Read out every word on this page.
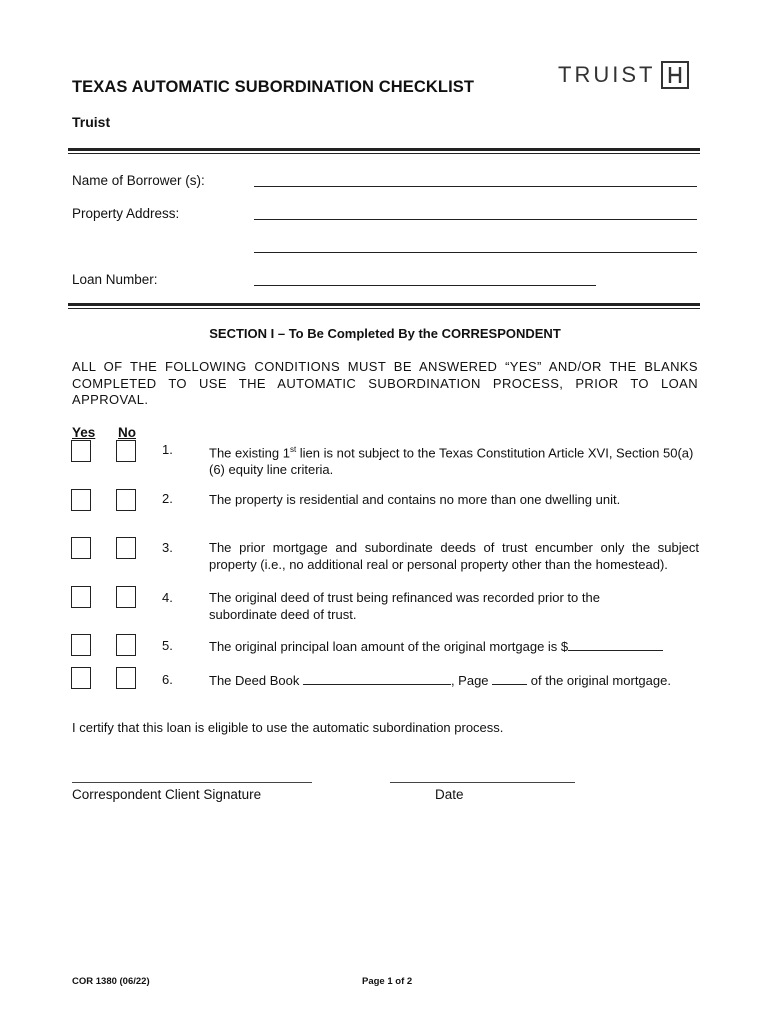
TEXAS AUTOMATIC SUBORDINATION CHECKLIST	TRUIST
Truist
Name of Borrower (s):
Property Address:
Loan Number:
SECTION I – To Be Completed By the CORRESPONDENT
ALL OF THE FOLLOWING CONDITIONS MUST BE ANSWERED “YES” AND/OR THE BLANKS COMPLETED TO USE THE AUTOMATIC SUBORDINATION PROCESS, PRIOR TO LOAN APPROVAL.
Yes No
1.	The existing 1st lien is not subject to the Texas Constitution Article XVI, Section 50(a)(6) equity line criteria.
2.	The property is residential and contains no more than one dwelling unit.
3.	The prior mortgage and subordinate deeds of trust encumber only the subject property (i.e., no additional real or personal property other than the homestead).
4.	The original deed of trust being refinanced was recorded prior to the subordinate deed of trust.
5.	The original principal loan amount of the original mortgage is $
6.	The Deed Book	, Page	of the original mortgage.
I certify that this loan is eligible to use the automatic subordination process.
Correspondent Client Signature	Date
COR 1380 (06/22)	Page 1 of 2
